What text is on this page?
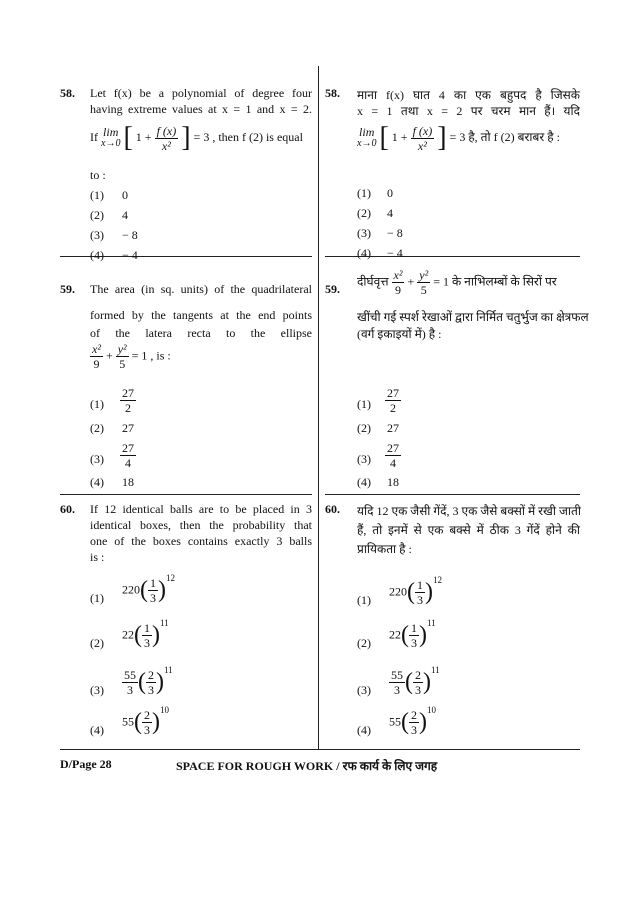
58. Let f(x) be a polynomial of degree four
having extreme values at x = 1 and x = 2.
If lim
x→0 [ $1 + \frac{f (x)}{\text{x²}}$ ] = 3 , then f (2) is equal
to :
(1) 0
(2) 4
(3) − 8
(4) − 4
59. The area (in sq. units) of the quadrilateral
formed by the tangents at the end points
of the latera recta to the ellipse
$\frac{\text{x²}}{9} + \frac{\text{y²}}{5} = 1$ , is :
$(1) \frac{27}{2}$
(2) 27
$(3) \frac{27}{4}$
(4) 18
60. If 12 identical balls are to be placed in 3
identical boxes, then the probability that
one of the boxes contains exactly 3 balls
is :
(1)
$220( \frac{1}{3} )^{12}$
(2)
$22( \frac{1}{3} )^{11}$
$(3) \frac{55}{3}$ ( $\frac{2}{3} )^{11}$
(4)
$55( \frac{2}{3} )^{10}$
58. माना f(x) घात 4 का एक बहुपद है जिसके
x = 1 तथा x = 2 पर चरम मान हैं। यदि
lim
x→0 [ $1 + \frac{f (x)}{\text{x²}}$ ] = 3 है, तो f (2) बराबर है :
(1) 0
(2) 4
(3) − 8
(4) − 4
59.
दीर्घवृत्त $\frac{\text{x²}}{9} + \frac{\text{y²}}{5} = 1$ के नाभिलम्बों के सिरों पर
खींची गई स्पर्श रेखाओं द्वारा निर्मित चतुर्भुज का क्षेत्रफल
(वर्ग इकाइयों में) है :
$(1) \frac{27}{2}$
(2) 27
$(3) \frac{27}{4}$
(4) 18
60. यदि 12 एक जैसी गेंदें, 3 एक जैसे बक्सों में रखी जाती
हैं, तो इनमें से एक बक्से में ठीक 3 गेंदें होने की
प्रायिकता है :
(1)
$220( \frac{1}{3} )^{12}$
(2)
$22( \frac{1}{3} )^{11}$
$(3) \frac{55}{3}$ ( $\frac{2}{3} )^{11}$
(4)
$55( \frac{2}{3} )^{10}$
D/Page 28	SPACE FOR ROUGH WORK / रफ कार्य के लिए जगह
